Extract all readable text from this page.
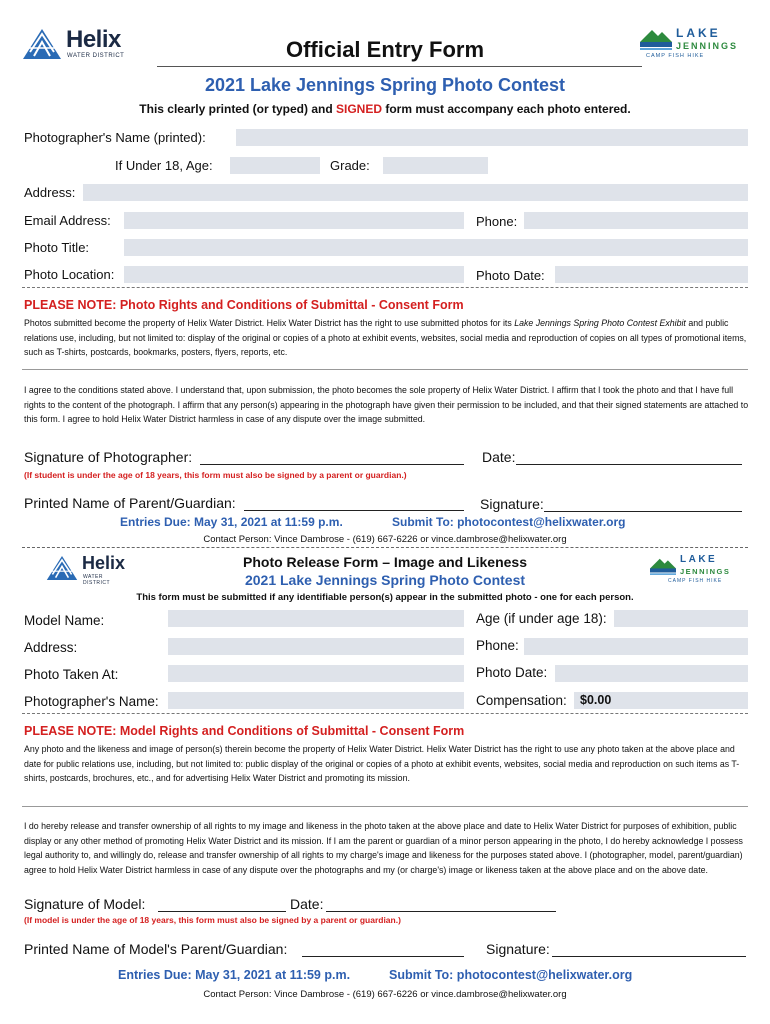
Helix
WATER DISTRICT	Official Entry Form
LAKE
JENNINGS
CAMP FISH HIKE
2021 Lake Jennings Spring Photo Contest
This clearly printed (or typed) and SIGNED form must accompany each photo entered.
Photographer's Name (printed):
If Under 18, Age:	Grade:
Address:
Email Address:	Phone:
Photo Title:
Photo Location:	Photo Date:
PLEASE NOTE: Photo Rights and Conditions of Submittal - Consent Form
Photos submitted become the property of Helix Water District. Helix Water District has the right to use submitted photos for its Lake Jennings Spring Photo Contest Exhibit and public relations use, including, but not limited to: display of the original or copies of a photo at exhibit events, websites, social media and reproduction of copies on all types of promotional items, such as T-shirts, postcards, bookmarks, posters, flyers, reports, etc.
I agree to the conditions stated above. I understand that, upon submission, the photo becomes the sole property of Helix Water District. I affirm that I took the photo and that I have full rights to the content of the photograph. I affirm that any person(s) appearing in the photograph have given their permission to be included, and that their signed statements are attached to this form. I agree to hold Helix Water District harmless in case of any dispute over the image submitted.
Signature of Photographer:	Date:
(If student is under the age of 18 years, this form must also be signed by a parent or guardian.)
Printed Name of Parent/Guardian:	Signature:
Entries Due: May 31, 2021 at 11:59 p.m.	Submit To: photocontest@helixwater.org
Contact Person: Vince Dambrose - (619) 667-6226 or vince.dambrose@helixwater.org
Helix
WATER DISTRICT
Photo Release Form – Image and Likeness
2021 Lake Jennings Spring Photo Contest
LAKE
JENNINGS
CAMP FISH HIKE
This form must be submitted if any identifiable person(s) appear in the submitted photo - one for each person.
Model Name:	Age (if under age 18):
Address:	Phone:
Photo Taken At:	Photo Date:
Photographer's Name:	Compensation: $0.00
PLEASE NOTE: Model Rights and Conditions of Submittal - Consent Form
Any photo and the likeness and image of person(s) therein become the property of Helix Water District. Helix Water District has the right to use any photo taken at the above place and date for public relations use, including, but not limited to: public display of the original or copies of a photo at exhibit events, websites, social media and reproduction on such items as T-shirts, postcards, brochures, etc., and for advertising Helix Water District and promoting its mission.
I do hereby release and transfer ownership of all rights to my image and likeness in the photo taken at the above place and date to Helix Water District for purposes of exhibition, public display or any other method of promoting Helix Water District and its mission. If I am the parent or guardian of a minor person appearing in the photo, I do hereby acknowledge I possess legal authority to, and willingly do, release and transfer ownership of all rights to my charge's image and likeness for the purposes stated above. I (photographer, model, parent/guardian) agree to hold Helix Water District harmless in case of any dispute over the photographs and my (or charge's) image or likeness taken at the above place and on the above date.
Signature of Model:	Date:
(If model is under the age of 18 years, this form must also be signed by a parent or guardian.)
Printed Name of Model's Parent/Guardian:	Signature:
Entries Due: May 31, 2021 at 11:59 p.m.	Submit To: photocontest@helixwater.org
Contact Person: Vince Dambrose - (619) 667-6226 or vince.dambrose@helixwater.org
